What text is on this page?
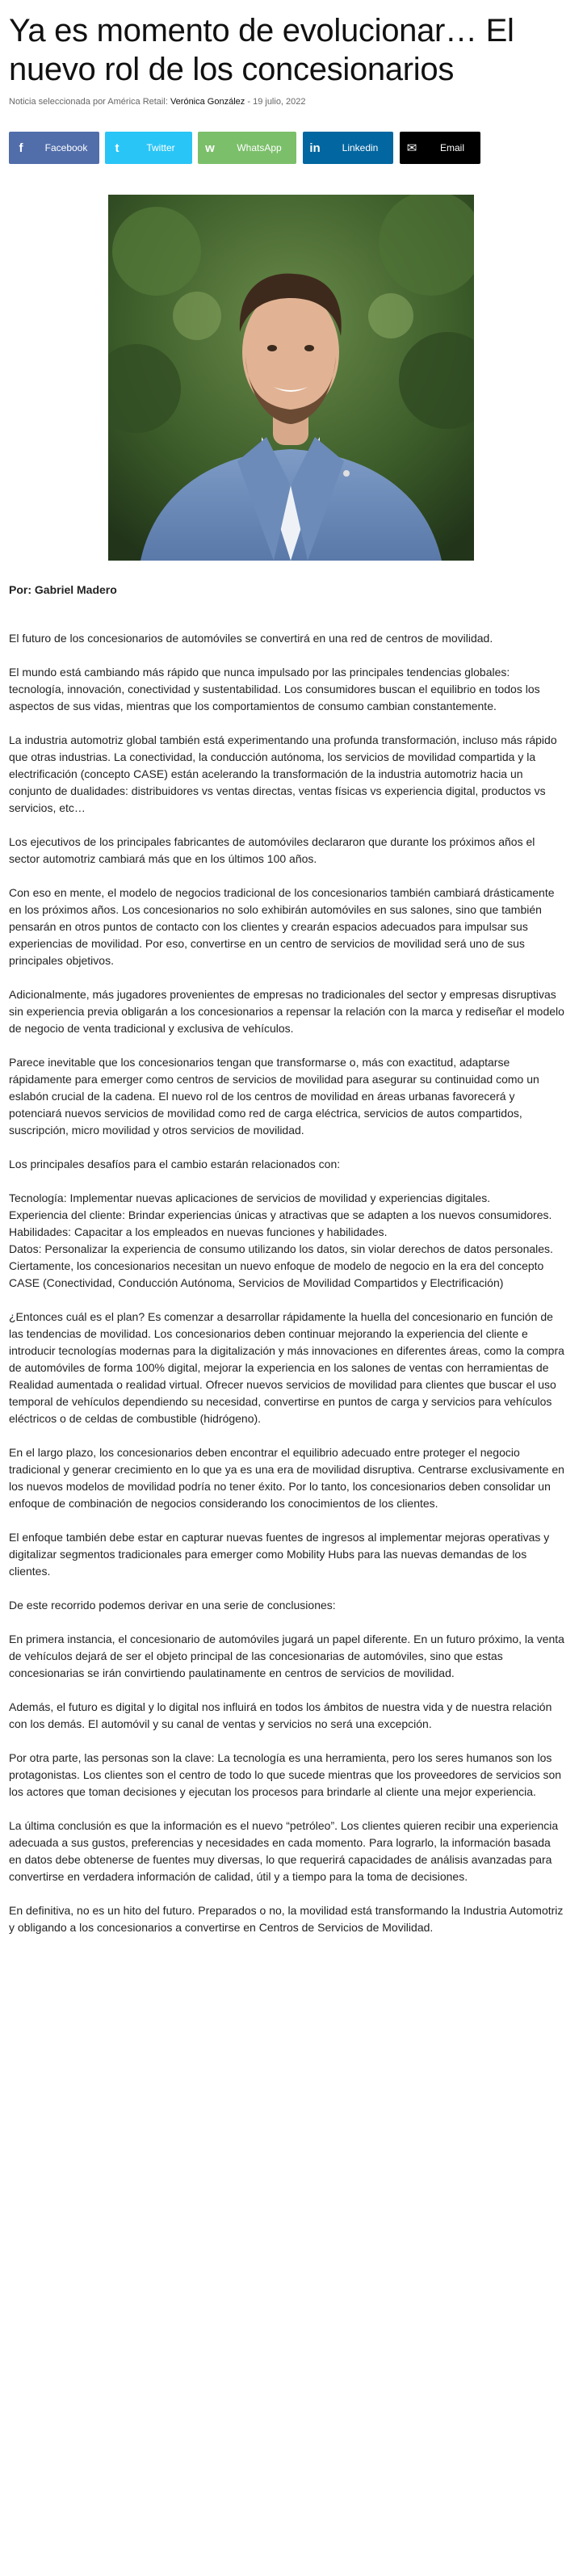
Ya es momento de evolucionar… El nuevo rol de los concesionarios
Noticia seleccionada por América Retail: Verónica González - 19 julio, 2022
f	Facebook	t	Twitter	w	WhatsApp	in	Linkedin	✉	Email

Por: Gabriel Madero

El futuro de los concesionarios de automóviles se convertirá en una red de centros de movilidad.

El mundo está cambiando más rápido que nunca impulsado por las principales tendencias globales: tecnología, innovación, conectividad y sustentabilidad. Los consumidores buscan el equilibrio en todos los aspectos de sus vidas, mientras que los comportamientos de consumo cambian constantemente.

La industria automotriz global también está experimentando una profunda transformación, incluso más rápido que otras industrias. La conectividad, la conducción autónoma, los servicios de movilidad compartida y la electrificación (concepto CASE) están acelerando la transformación de la industria automotriz hacia un conjunto de dualidades: distribuidores vs ventas directas, ventas físicas vs experiencia digital, productos vs servicios, etc…

Los ejecutivos de los principales fabricantes de automóviles declararon que durante los próximos años el sector automotriz cambiará más que en los últimos 100 años.

Con eso en mente, el modelo de negocios tradicional de los concesionarios también cambiará drásticamente en los próximos años. Los concesionarios no solo exhibirán automóviles en sus salones, sino que también pensarán en otros puntos de contacto con los clientes y crearán espacios adecuados para impulsar sus experiencias de movilidad. Por eso, convertirse en un centro de servicios de movilidad será uno de sus principales objetivos.

Adicionalmente, más jugadores provenientes de empresas no tradicionales del sector y empresas disruptivas sin experiencia previa obligarán a los concesionarios a repensar la relación con la marca y rediseñar el modelo de negocio de venta tradicional y exclusiva de vehículos.

Parece inevitable que los concesionarios tengan que transformarse o, más con exactitud, adaptarse rápidamente para emerger como centros de servicios de movilidad para asegurar su continuidad como un eslabón crucial de la cadena. El nuevo rol de los centros de movilidad en áreas urbanas favorecerá y potenciará nuevos servicios de movilidad como red de carga eléctrica, servicios de autos compartidos, suscripción, micro movilidad y otros servicios de movilidad.

Los principales desafíos para el cambio estarán relacionados con:

Tecnología: Implementar nuevas aplicaciones de servicios de movilidad y experiencias digitales.
Experiencia del cliente: Brindar experiencias únicas y atractivas que se adapten a los nuevos consumidores.
Habilidades: Capacitar a los empleados en nuevas funciones y habilidades.
Datos: Personalizar la experiencia de consumo utilizando los datos, sin violar derechos de datos personales.
Ciertamente, los concesionarios necesitan un nuevo enfoque de modelo de negocio en la era del concepto CASE (Conectividad, Conducción Autónoma, Servicios de Movilidad Compartidos y Electrificación)

¿Entonces cuál es el plan? Es comenzar a desarrollar rápidamente la huella del concesionario en función de las tendencias de movilidad. Los concesionarios deben continuar mejorando la experiencia del cliente e introducir tecnologías modernas para la digitalización y más innovaciones en diferentes áreas, como la compra de automóviles de forma 100% digital, mejorar la experiencia en los salones de ventas con herramientas de Realidad aumentada o realidad virtual. Ofrecer nuevos servicios de movilidad para clientes que buscar el uso temporal de vehículos dependiendo su necesidad, convertirse en puntos de carga y servicios para vehículos eléctricos o de celdas de combustible (hidrógeno).

En el largo plazo, los concesionarios deben encontrar el equilibrio adecuado entre proteger el negocio tradicional y generar crecimiento en lo que ya es una era de movilidad disruptiva. Centrarse exclusivamente en los nuevos modelos de movilidad podría no tener éxito. Por lo tanto, los concesionarios deben consolidar un enfoque de combinación de negocios considerando los conocimientos de los clientes.

El enfoque también debe estar en capturar nuevas fuentes de ingresos al implementar mejoras operativas y digitalizar segmentos tradicionales para emerger como Mobility Hubs para las nuevas demandas de los clientes.

De este recorrido podemos derivar en una serie de conclusiones:

En primera instancia, el concesionario de automóviles jugará un papel diferente. En un futuro próximo, la venta de vehículos dejará de ser el objeto principal de las concesionarias de automóviles, sino que estas concesionarias se irán convirtiendo paulatinamente en centros de servicios de movilidad.

Además, el futuro es digital y lo digital nos influirá en todos los ámbitos de nuestra vida y de nuestra relación con los demás. El automóvil y su canal de ventas y servicios no será una excepción.

Por otra parte, las personas son la clave: La tecnología es una herramienta, pero los seres humanos son los protagonistas. Los clientes son el centro de todo lo que sucede mientras que los proveedores de servicios son los actores que toman decisiones y ejecutan los procesos para brindarle al cliente una mejor experiencia.

La última conclusión es que la información es el nuevo “petróleo”. Los clientes quieren recibir una experiencia adecuada a sus gustos, preferencias y necesidades en cada momento. Para lograrlo, la información basada en datos debe obtenerse de fuentes muy diversas, lo que requerirá capacidades de análisis avanzadas para convertirse en verdadera información de calidad, útil y a tiempo para la toma de decisiones.

En definitiva, no es un hito del futuro. Preparados o no, la movilidad está transformando la Industria Automotriz y obligando a los concesionarios a convertirse en Centros de Servicios de Movilidad.
